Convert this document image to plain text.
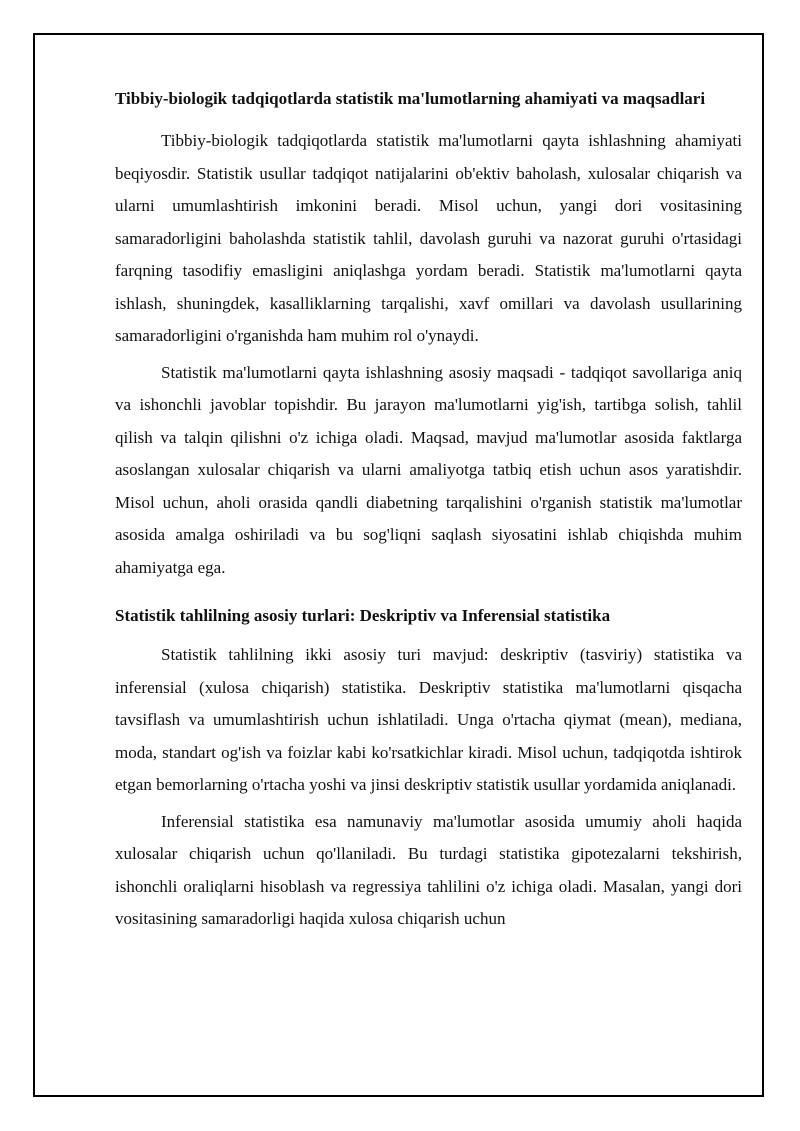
Tibbiy-biologik tadqiqotlarda statistik ma'lumotlarning ahamiyati va maqsadlari

Tibbiy-biologik tadqiqotlarda statistik ma'lumotlarni qayta ishlashning ahamiyati beqiyosdir. Statistik usullar tadqiqot natijalarini ob'ektiv baholash, xulosalar chiqarish va ularni umumlashtirish imkonini beradi. Misol uchun, yangi dori vositasining samaradorligini baholashda statistik tahlil, davolash guruhi va nazorat guruhi o'rtasidagi farqning tasodifiy emasligini aniqlashga yordam beradi. Statistik ma'lumotlarni qayta ishlash, shuningdek, kasalliklarning tarqalishi, xavf omillari va davolash usullarining samaradorligini o'rganishda ham muhim rol o'ynaydi.

Statistik ma'lumotlarni qayta ishlashning asosiy maqsadi - tadqiqot savollariga aniq va ishonchli javoblar topishdir. Bu jarayon ma'lumotlarni yig'ish, tartibga solish, tahlil qilish va talqin qilishni o'z ichiga oladi. Maqsad, mavjud ma'lumotlar asosida faktlarga asoslangan xulosalar chiqarish va ularni amaliyotga tatbiq etish uchun asos yaratishdir. Misol uchun, aholi orasida qandli diabetning tarqalishini o'rganish statistik ma'lumotlar asosida amalga oshiriladi va bu sog'liqni saqlash siyosatini ishlab chiqishda muhim ahamiyatga ega.

Statistik tahlilning asosiy turlari: Deskriptiv va Inferensial statistika

Statistik tahlilning ikki asosiy turi mavjud: deskriptiv (tasviriy) statistika va inferensial (xulosa chiqarish) statistika. Deskriptiv statistika ma'lumotlarni qisqacha tavsiflash va umumlashtirish uchun ishlatiladi. Unga o'rtacha qiymat (mean), mediana, moda, standart og'ish va foizlar kabi ko'rsatkichlar kiradi. Misol uchun, tadqiqotda ishtirok etgan bemorlarning o'rtacha yoshi va jinsi deskriptiv statistik usullar yordamida aniqlanadi.

Inferensial statistika esa namunaviy ma'lumotlar asosida umumiy aholi haqida xulosalar chiqarish uchun qo'llaniladi. Bu turdagi statistika gipotezalarni tekshirish, ishonchli oraliqlarni hisoblash va regressiya tahlilini o'z ichiga oladi. Masalan, yangi dori vositasining samaradorligi haqida xulosa chiqarish uchun
